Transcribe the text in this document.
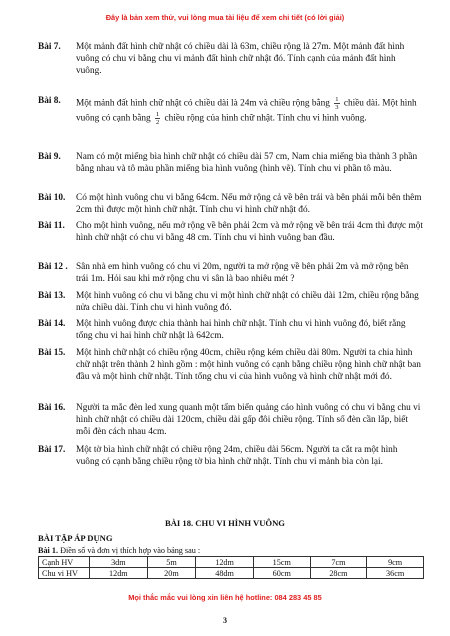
Đây là bản xem thử, vui lòng mua tài liệu để xem chi tiết (có lời giải)
Bài 7. Một mảnh đất hình chữ nhật có chiều dài là 63m, chiều rộng là 27m. Một mảnh đất hình vuông có chu vi bằng chu vi mảnh đất hình chữ nhật đó. Tính cạnh của mảnh đất hình vuông.
Bài 8. Một mảnh đất hình chữ nhật có chiều dài là 24m và chiều rộng bằng $\frac{1}{3}$ chiều dài. Một hình vuông có cạnh bằng $\frac{1}{2}$ chiều rộng của hình chữ nhật. Tính chu vi hình vuông.
Bài 9. Nam có một miếng bìa hình chữ nhật có chiều dài 57 cm, Nam chia miếng bìa thành 3 phần bằng nhau và tô màu phần miếng bìa hình vuông (hình vẽ). Tính chu vi phần tô màu.
Bài 10. Có một hình vuông chu vi bằng 64cm. Nếu mở rộng cả về bên trái và bên phải mỗi bên thêm 2cm thì được một hình chữ nhật. Tính chu vi hình chữ nhật đó.
Bài 11. Cho một hình vuông, nếu mở rộng về bên phải 2cm và mở rộng về bên trái 4cm thì được một hình chữ nhật có chu vi bằng 48 cm. Tính chu vi hình vuông ban đầu.
Bài 12 . Sân nhà em hình vuông có chu vi 20m, người ta mở rộng về bên phải 2m và mở rộng bên trái 1m. Hỏi sau khi mở rộng chu vi sân là bao nhiêu mét ?
Bài 13. Một hình vuông có chu vi bằng chu vi một hình chữ nhật có chiều dài 12m, chiều rộng bằng nửa chiều dài. Tính chu vi hình vuông đó.
Bài 14. Một hình vuông được chia thành hai hình chữ nhật. Tính chu vi hình vuông đó, biết rằng tổng chu vi hai hình chữ nhật là 642cm.
Bài 15. Một hình chữ nhật có chiều rộng 40cm, chiều rộng kém chiều dài 80m. Người ta chia hình chữ nhật trên thành 2 hình gồm : một hình vuông có cạnh bằng chiều rộng hình chữ nhật ban đầu và một hình chữ nhật. Tính tổng chu vi của hình vuông và hình chữ nhật mới đó.
Bài 16. Người ta mắc đèn led xung quanh một tấm biển quảng cáo hình vuông có chu vi bằng chu vi hình chữ nhật có chiều dài 120cm, chiều dài gấp đôi chiều rộng. Tính số đèn cần lắp, biết mỗi đèn cách nhau 4cm.
Bài 17. Một tờ bìa hình chữ nhật có chiều rộng 24m, chiều dài 56cm. Người ta cắt ra một hình vuông có cạnh bằng chiều rộng tờ bìa hình chữ nhật. Tính chu vi mảnh bìa còn lại.
BÀI 18. CHU VI HÌNH VUÔNG
BÀI TẬP ÁP DỤNG
Bài 1. Điền số và đơn vị thích hợp vào bảng sau :
Cạnh HV	3dm	5m	12dm	15cm	7cm	9cm
Chu vi HV	12dm	20m	48dm	60cm	28cm	36cm
Mọi thắc mắc vui lòng xin liên hệ hotline: 084 283 45 85
3
